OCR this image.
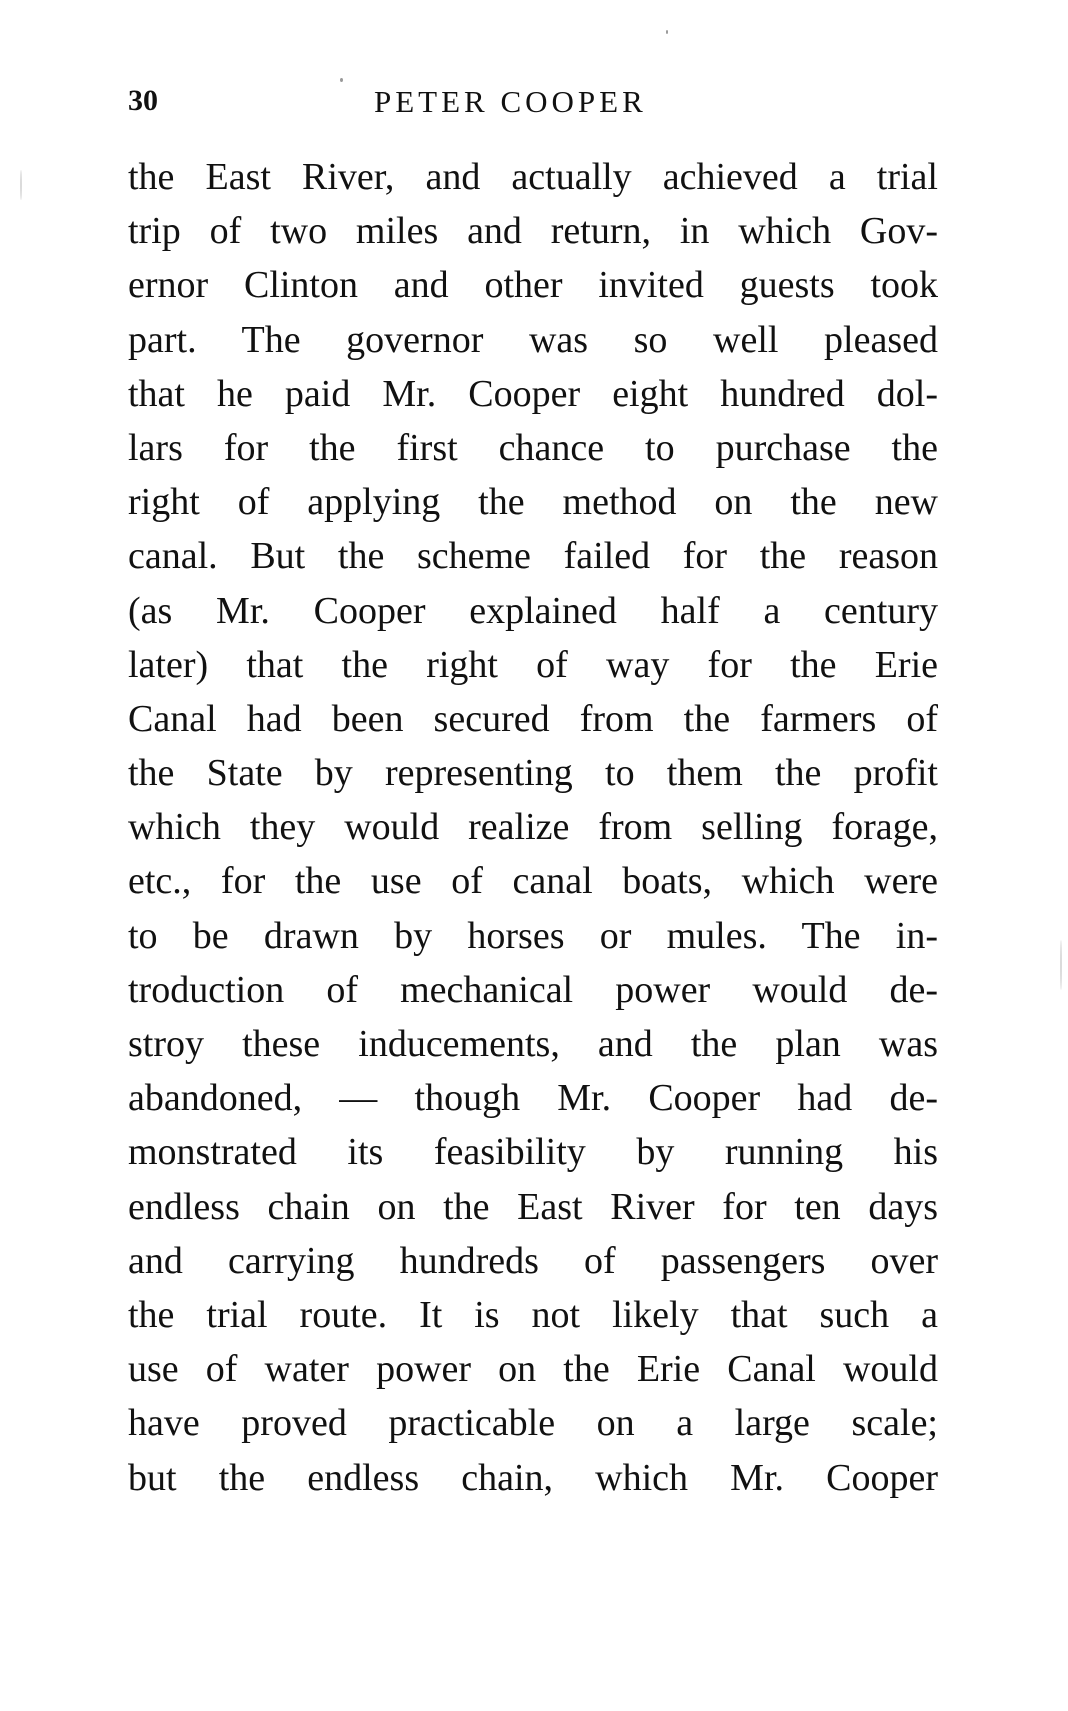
30	PETER COOPER
the East River, and actually achieved a trial
trip of two miles and return, in which Gov-
ernor Clinton and other invited guests took
part. The governor was so well pleased
that he paid Mr. Cooper eight hundred dol-
lars for the first chance to purchase the
right of applying the method on the new
canal. But the scheme failed for the reason
(as Mr. Cooper explained half a century
later) that the right of way for the Erie
Canal had been secured from the farmers of
the State by representing to them the profit
which they would realize from selling forage,
etc., for the use of canal boats, which were
to be drawn by horses or mules. The in-
troduction of mechanical power would de-
stroy these inducements, and the plan was
abandoned, — though Mr. Cooper had de-
monstrated its feasibility by running his
endless chain on the East River for ten days
and carrying hundreds of passengers over
the trial route. It is not likely that such a
use of water power on the Erie Canal would
have proved practicable on a large scale;
but the endless chain, which Mr. Cooper
